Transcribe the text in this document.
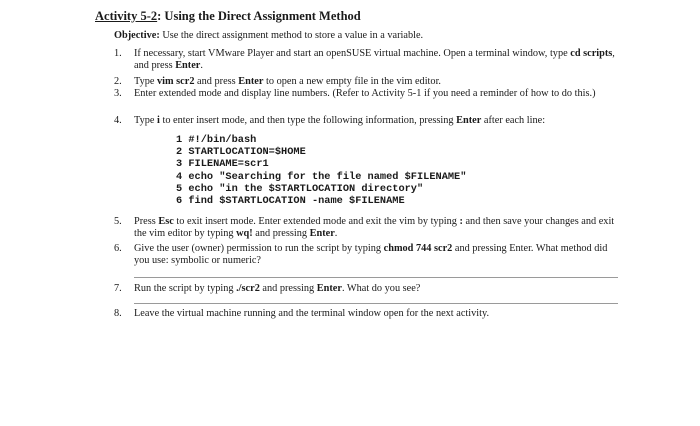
Activity 5-2: Using the Direct Assignment Method
Objective: Use the direct assignment method to store a value in a variable.
1.	If necessary, start VMware Player and start an openSUSE virtual machine. Open a terminal window, type cd scripts, and press Enter.
2.	Type vim scr2 and press Enter to open a new empty file in the vim editor.
3.	Enter extended mode and display line numbers. (Refer to Activity 5-1 if you need a reminder of how to do this.)
4.	Type i to enter insert mode, and then type the following information, pressing Enter after each line:
1 #!/bin/bash
2 STARTLOCATION=$HOME
3 FILENAME=scr1
4 echo "Searching for the file named $FILENAME"
5 echo "in the $STARTLOCATION directory"
6 find $STARTLOCATION -name $FILENAME
5.	Press Esc to exit insert mode. Enter extended mode and exit the vim by typing : and then save your changes and exit the vim editor by typing wq! and pressing Enter.
6.	Give the user (owner) permission to run the script by typing chmod 744 scr2 and pressing Enter. What method did you use: symbolic or numeric?
7.	Run the script by typing ./scr2 and pressing Enter. What do you see?
8.	Leave the virtual machine running and the terminal window open for the next activity.
